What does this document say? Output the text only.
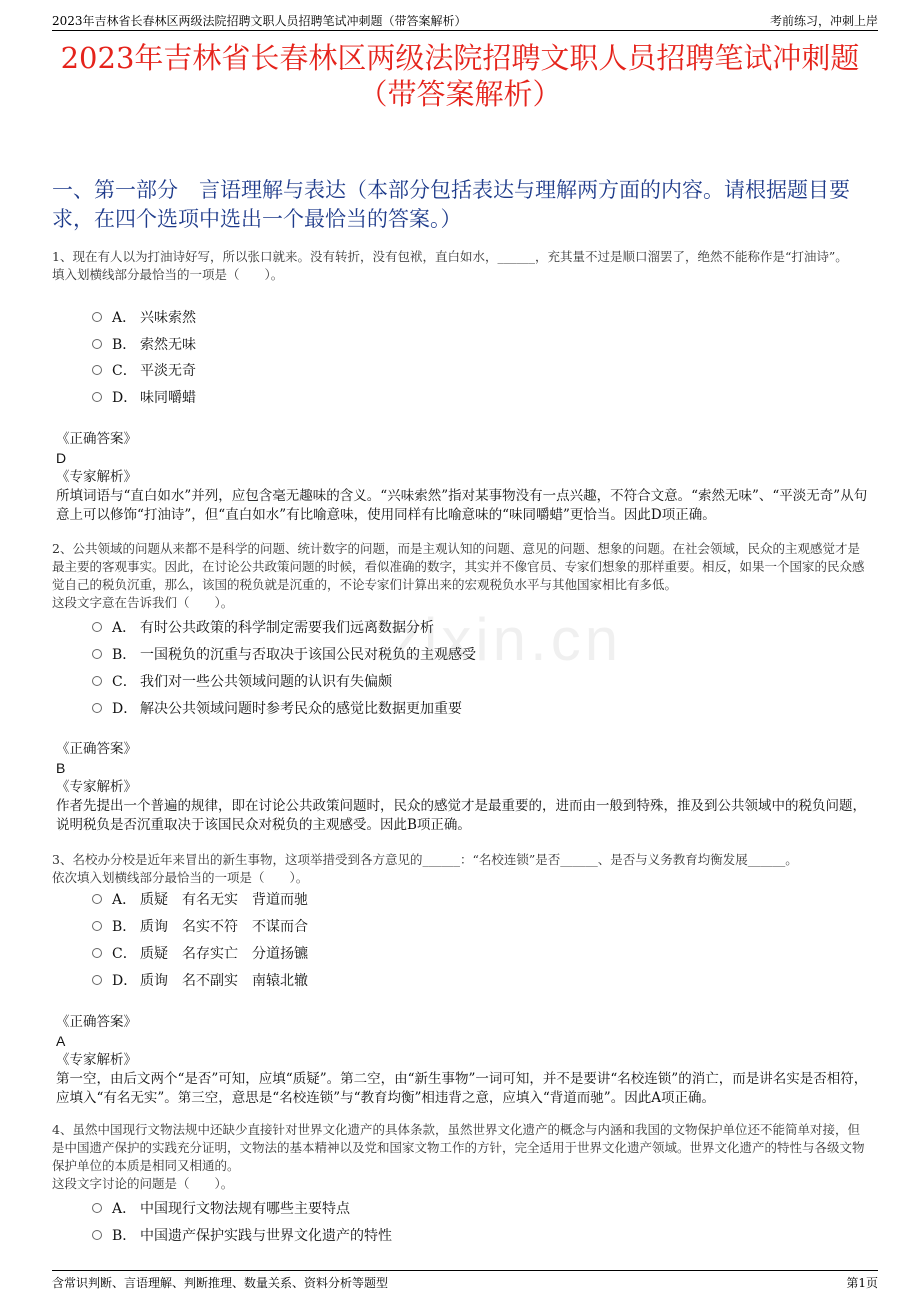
2023年吉林省长春林区两级法院招聘文职人员招聘笔试冲刺题（带答案解析）	考前练习，冲刺上岸
2023年吉林省长春林区两级法院招聘文职人员招聘笔试冲刺题
（带答案解析）
一、第一部分　言语理解与表达（本部分包括表达与理解两方面的内容。请根据题目要求，在四个选项中选出一个最恰当的答案。）
zixin.cn
1、现在有人以为打油诗好写，所以张口就来。没有转折，没有包袱，直白如水，______，充其量不过是顺口溜罢了，绝然不能称作是“打油诗”。
填入划横线部分最恰当的一项是（　　）。
A． 兴味索然
B． 索然无味
C． 平淡无奇
D． 味同嚼蜡
《正确答案》
D
《专家解析》
所填词语与“直白如水”并列，应包含毫无趣味的含义。“兴味索然”指对某事物没有一点兴趣，不符合文意。“索然无味”、“平淡无奇”从句意上可以修饰“打油诗”，但“直白如水”有比喻意味，使用同样有比喻意味的“味同嚼蜡”更恰当。因此D项正确。
2、公共领域的问题从来都不是科学的问题、统计数字的问题，而是主观认知的问题、意见的问题、想象的问题。在社会领域，民众的主观感觉才是最主要的客观事实。因此，在讨论公共政策问题的时候，看似准确的数字，其实并不像官员、专家们想象的那样重要。相反，如果一个国家的民众感觉自己的税负沉重，那么，该国的税负就是沉重的，不论专家们计算出来的宏观税负水平与其他国家相比有多低。
这段文字意在告诉我们（　　）。
A． 有时公共政策的科学制定需要我们远离数据分析
B． 一国税负的沉重与否取决于该国公民对税负的主观感受
C． 我们对一些公共领域问题的认识有失偏颇
D． 解决公共领域问题时参考民众的感觉比数据更加重要
《正确答案》
B
《专家解析》
作者先提出一个普遍的规律，即在讨论公共政策问题时，民众的感觉才是最重要的，进而由一般到特殊，推及到公共领域中的税负问题，说明税负是否沉重取决于该国民众对税负的主观感受。因此B项正确。
3、名校办分校是近年来冒出的新生事物，这项举措受到各方意见的______：“名校连锁”是否______、是否与义务教育均衡发展______。
依次填入划横线部分最恰当的一项是（　　）。
A． 质疑　有名无实　背道而驰
B． 质询　名实不符　不谋而合
C． 质疑　名存实亡　分道扬镳
D． 质询　名不副实　南辕北辙
《正确答案》
A
《专家解析》
第一空，由后文两个“是否”可知，应填“质疑”。第二空，由“新生事物”一词可知，并不是要讲“名校连锁”的消亡，而是讲名实是否相符，应填入“有名无实”。第三空，意思是“名校连锁”与“教育均衡”相违背之意，应填入“背道而驰”。因此A项正确。
4、虽然中国现行文物法规中还缺少直接针对世界文化遗产的具体条款，虽然世界文化遗产的概念与内涵和我国的文物保护单位还不能简单对接，但是中国遗产保护的实践充分证明，文物法的基本精神以及党和国家文物工作的方针，完全适用于世界文化遗产领域。世界文化遗产的特性与各级文物保护单位的本质是相同又相通的。
这段文字讨论的问题是（　　）。
A． 中国现行文物法规有哪些主要特点
B． 中国遗产保护实践与世界文化遗产的特性
含常识判断、言语理解、判断推理、数量关系、资料分析等题型	第1页
